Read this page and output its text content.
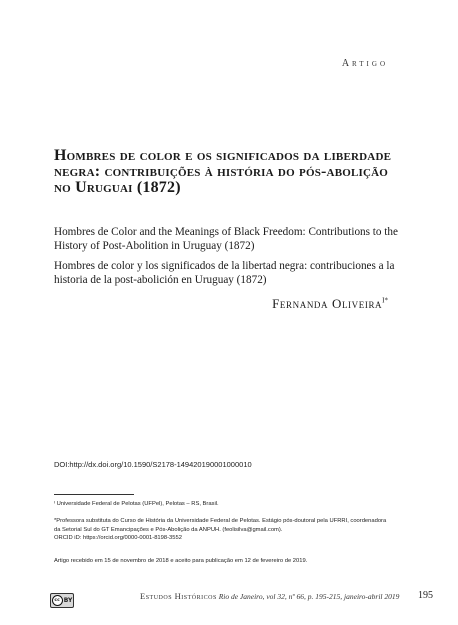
Artigo
Hombres de color e os significados da liberdade negra: contribuições à história do pós-abolição no Uruguai (1872)
Hombres de Color and the Meanings of Black Freedom: Contributions to the History of Post-Abolition in Uruguay (1872)
Hombres de color y los significados de la libertad negra: contribuciones a la historia de la post-abolición en Uruguay (1872)
Fernanda Oliveira$^{I*}$
DOI:http://dx.doi.org/10.1590/S2178-149420190001000010
ᴵ Universidade Federal de Pelotas (UFPel), Pelotas – RS, Brasil.
*Professora substituta do Curso de História da Universidade Federal de Pelotas. Estágio pós-doutoral pela UFRRI, coordenadora da Setorial Sul do GT Emancipações e Pós-Abolição da ANPUH. (feolisilva@gmail.com).
ORCID iD: https://orcid.org/0000-0001-8198-3552
Artigo recebido em 15 de novembro de 2018 e aceito para publicação em 12 de fevereiro de 2019.
cc BY	Estudos Históricos Rio de Janeiro, vol 32, nº 66, p. 195-215, janeiro-abril 2019 195
